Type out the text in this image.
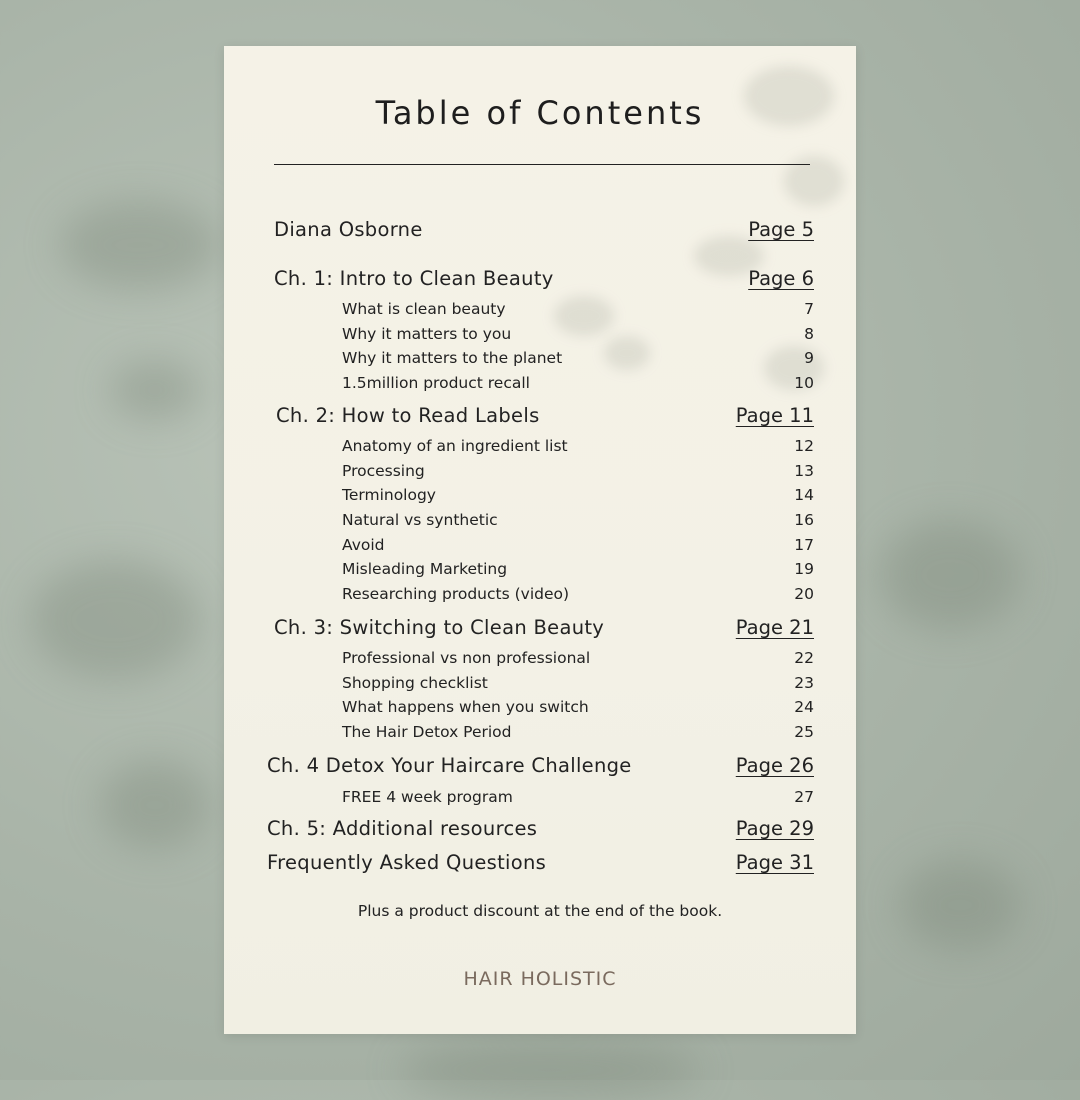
Table of Contents
Diana Osborne	Page 5
Ch. 1: Intro to Clean Beauty	Page 6
What is clean beauty	7
Why it matters to you	8
Why it matters to the planet	9
1.5million product recall	10
Ch. 2: How to Read Labels	Page 11
Anatomy of an ingredient list	12
Processing	13
Terminology	14
Natural vs synthetic	16
Avoid	17
Misleading Marketing	19
Researching products (video)	20
Ch. 3: Switching to Clean Beauty	Page 21
Professional vs non professional	22
Shopping checklist	23
What happens when you switch	24
The Hair Detox Period	25
Ch. 4 Detox Your Haircare Challenge	Page 26
FREE 4 week program	27
Ch. 5: Additional resources	Page 29
Frequently Asked Questions	Page 31
Plus a product discount at the end of the book.
HAIR HOLISTIC
